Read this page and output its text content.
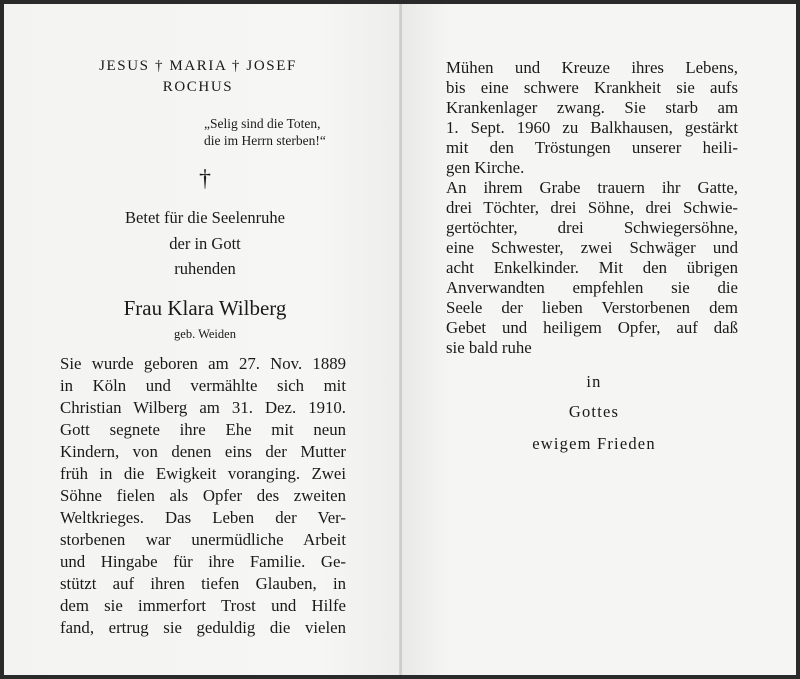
JESUS † MARIA † JOSEF
ROCHUS
„Selig sind die Toten,
die im Herrn sterben!“
†
Betet für die Seelenruhe
der in Gott
ruhenden
Frau Klara Wilberg
geb. Weiden
Sie wurde geboren am 27. Nov. 1889
in Köln und vermählte sich mit
Christian Wilberg am 31. Dez. 1910.
Gott segnete ihre Ehe mit neun
Kindern, von denen eins der Mutter
früh in die Ewigkeit voranging. Zwei
Söhne fielen als Opfer des zweiten
Weltkrieges. Das Leben der Ver-
storbenen war unermüdliche Arbeit
und Hingabe für ihre Familie. Ge-
stützt auf ihren tiefen Glauben, in
dem sie immerfort Trost und Hilfe
fand, ertrug sie geduldig die vielen
Mühen und Kreuze ihres Lebens,
bis eine schwere Krankheit sie aufs
Krankenlager zwang. Sie starb am
1. Sept. 1960 zu Balkhausen, gestärkt
mit den Tröstungen unserer heili-
gen Kirche.
An ihrem Grabe trauern ihr Gatte,
drei Töchter, drei Söhne, drei Schwie-
gertöchter, drei Schwiegersöhne,
eine Schwester, zwei Schwäger und
acht Enkelkinder. Mit den übrigen
Anverwandten empfehlen sie die
Seele der lieben Verstorbenen dem
Gebet und heiligem Opfer, auf daß
sie bald ruhe
in
Gottes
ewigem Frieden
